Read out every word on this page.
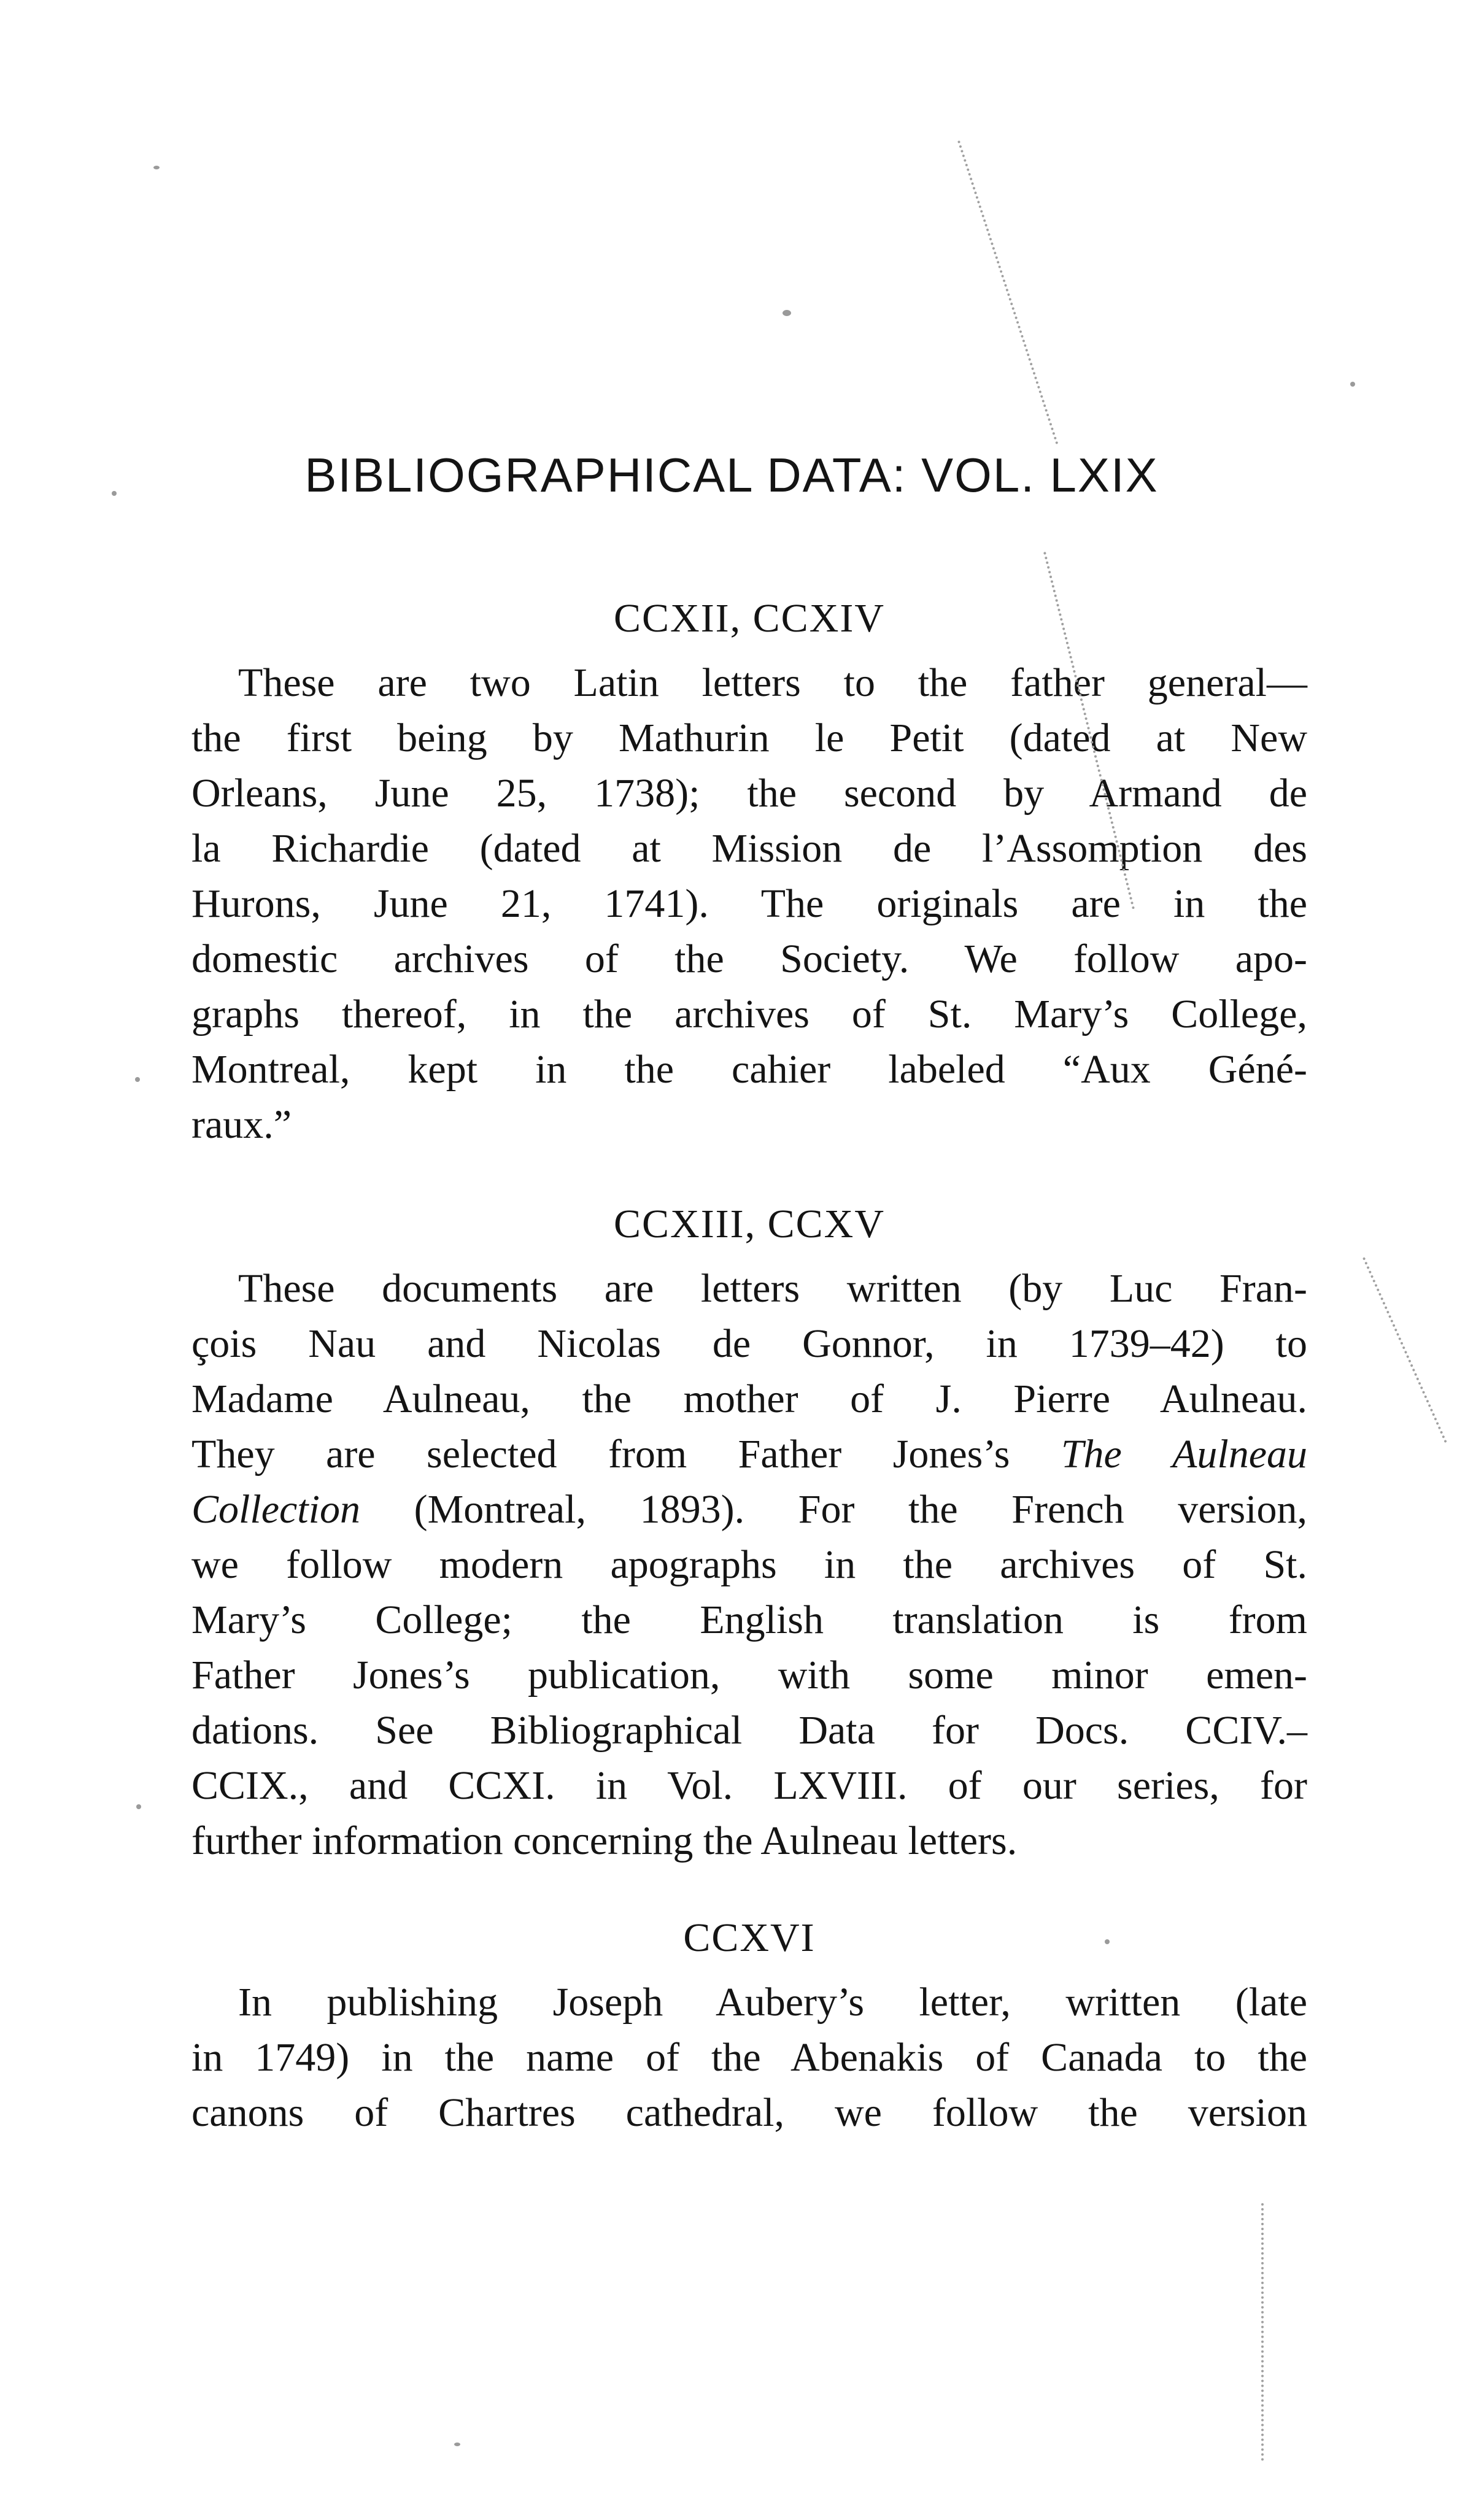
BIBLIOGRAPHICAL DATA: VOL. LXIX
CCXII, CCXIV
These are two Latin letters to the father general—
the first being by Mathurin le Petit (dated at New
Orleans, June 25, 1738); the second by Armand de
la Richardie (dated at Mission de l’Assomption des
Hurons, June 21, 1741). The originals are in the
domestic archives of the Society. We follow apo-
graphs thereof, in the archives of St. Mary’s College,
Montreal, kept in the cahier labeled “Aux Géné-
raux.”
CCXIII, CCXV
These documents are letters written (by Luc Fran-
çois Nau and Nicolas de Gonnor, in 1739–42) to
Madame Aulneau, the mother of J. Pierre Aulneau.
They are selected from Father Jones’s The Aulneau
Collection (Montreal, 1893). For the French version,
we follow modern apographs in the archives of St.
Mary’s College; the English translation is from
Father Jones’s publication, with some minor emen-
dations. See Bibliographical Data for Docs. CCIV.–
CCIX., and CCXI. in Vol. LXVIII. of our series, for
further information concerning the Aulneau letters.
CCXVI
In publishing Joseph Aubery’s letter, written (late
in 1749) in the name of the Abenakis of Canada to the
canons of Chartres cathedral, we follow the version
